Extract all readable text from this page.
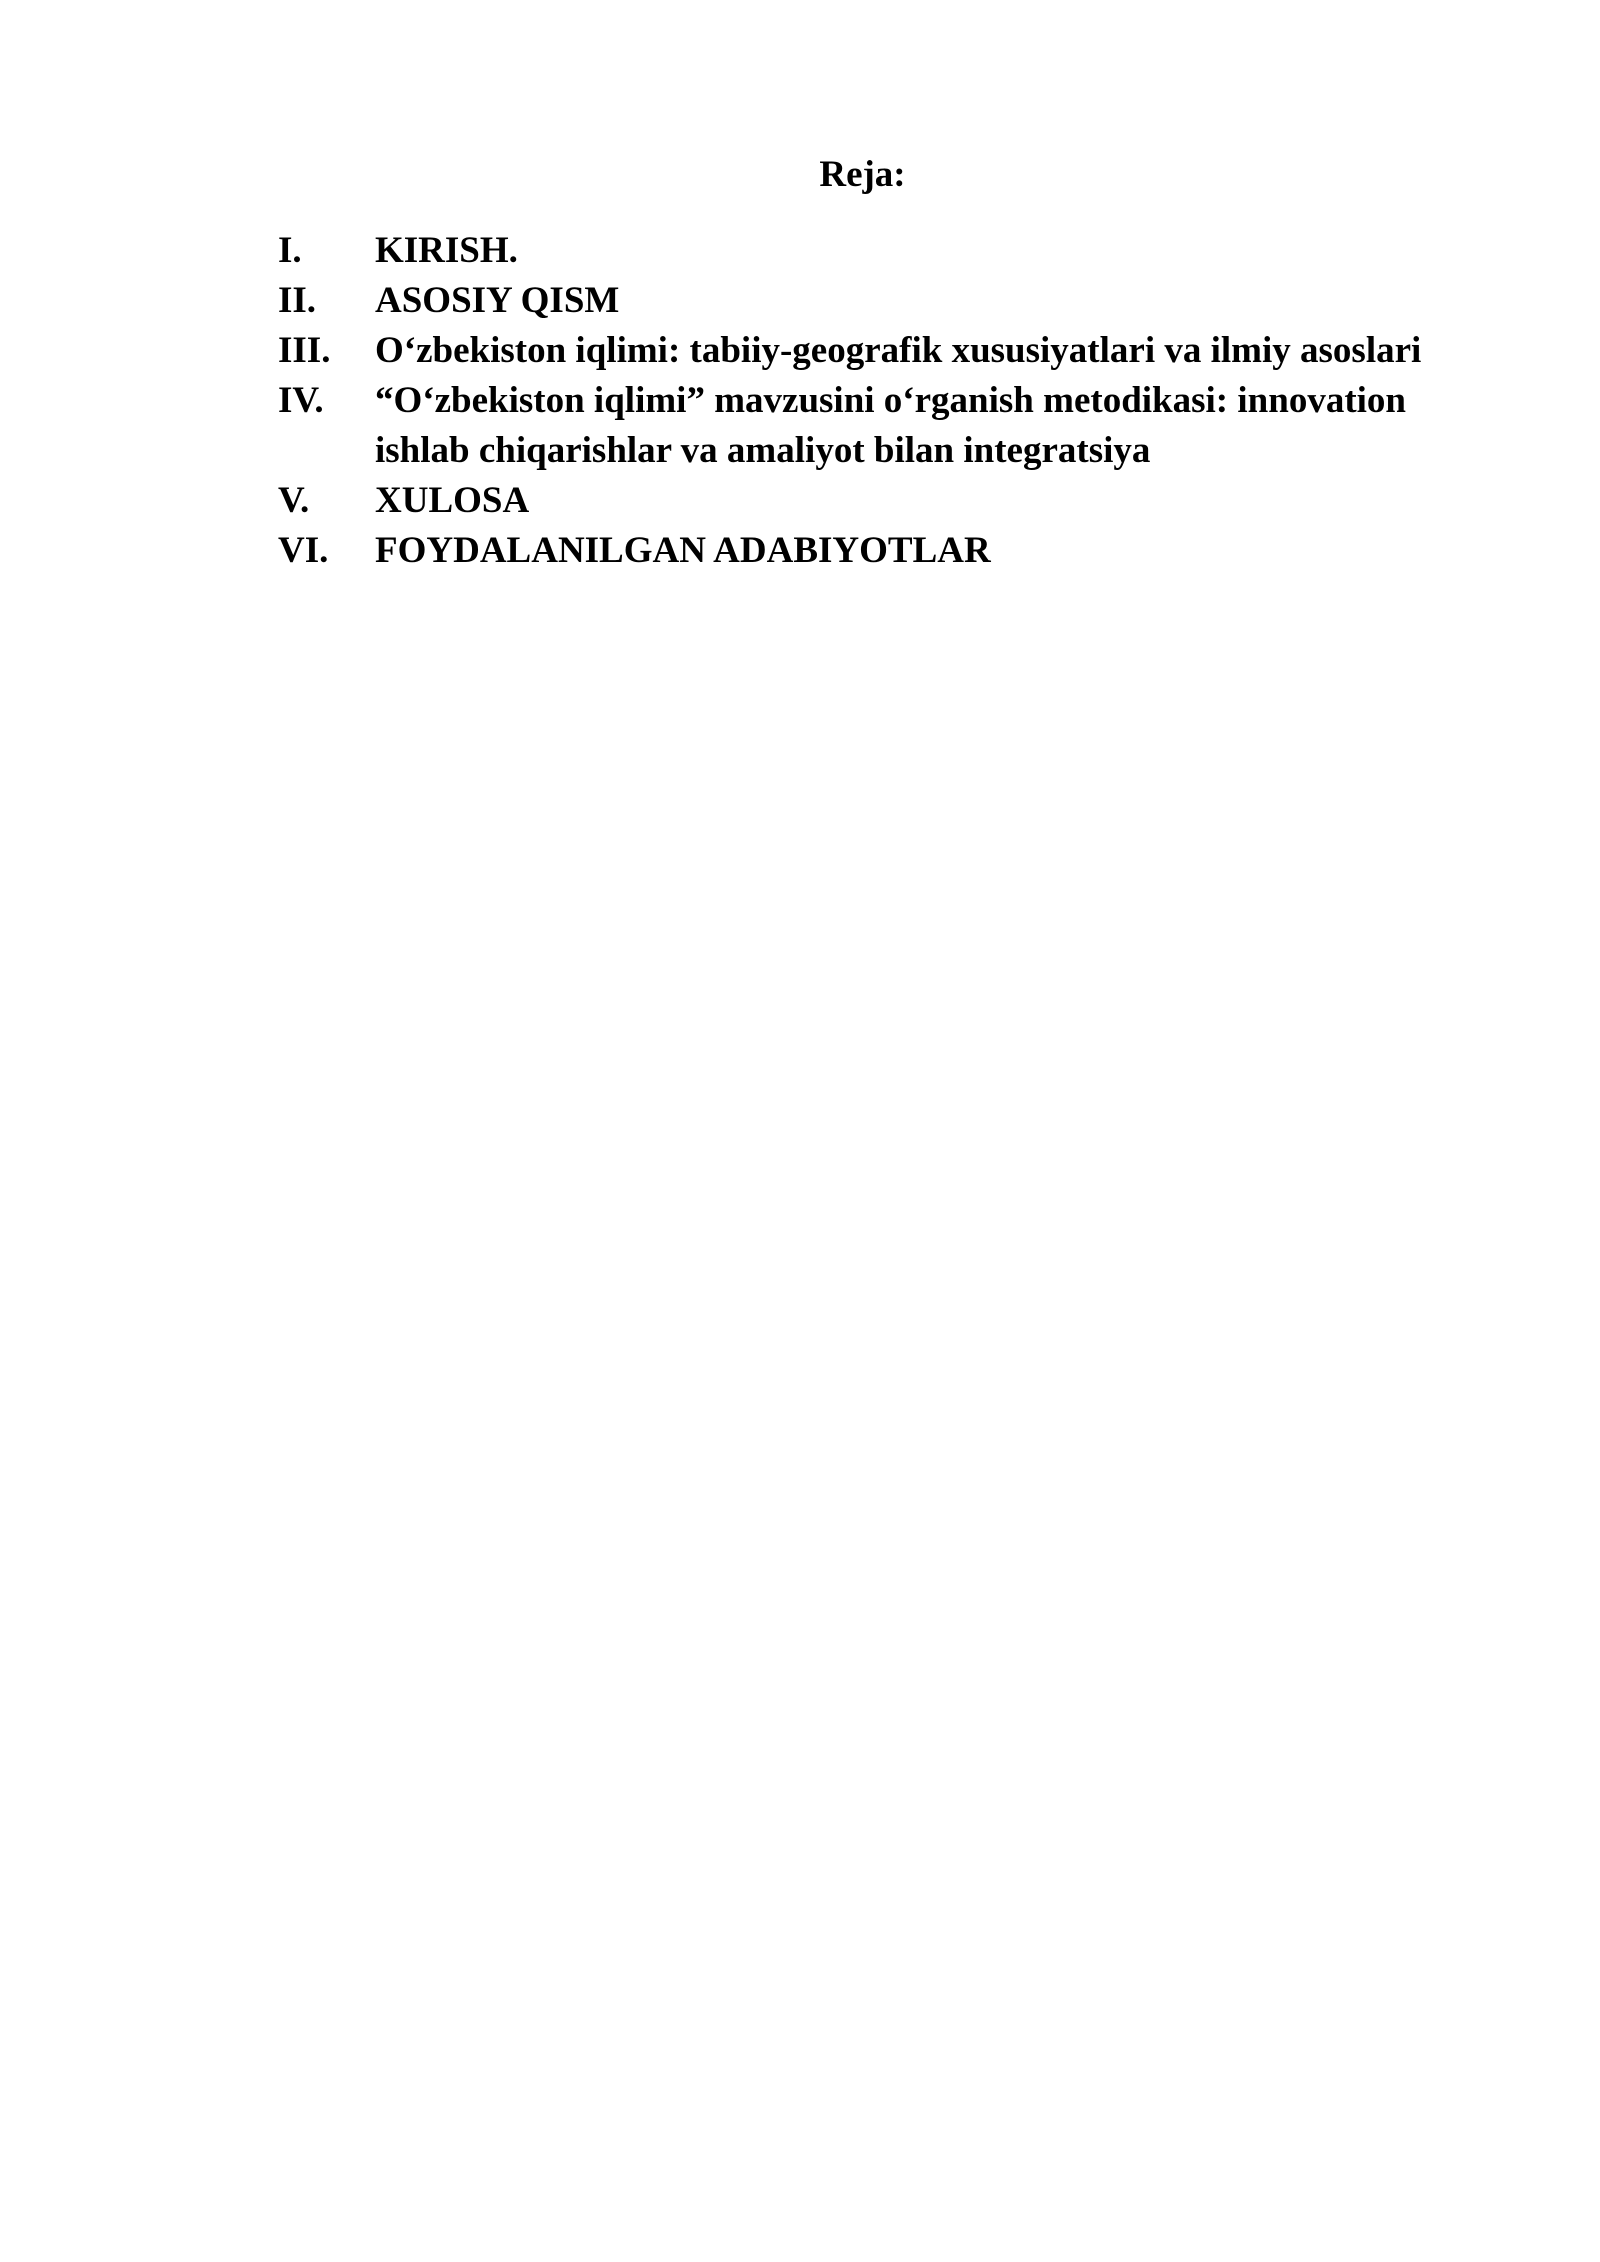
Reja:
I.	KIRISH.
II.	ASOSIY QISM
III.	O‘zbekiston iqlimi: tabiiy-geografik xususiyatlari va ilmiy asoslari
IV.	“O‘zbekiston iqlimi” mavzusini o‘rganish metodikasi: innovation ishlab chiqarishlar va amaliyot bilan integratsiya
V.	XULOSA
VI.	FOYDALANILGAN ADABIYOTLAR
